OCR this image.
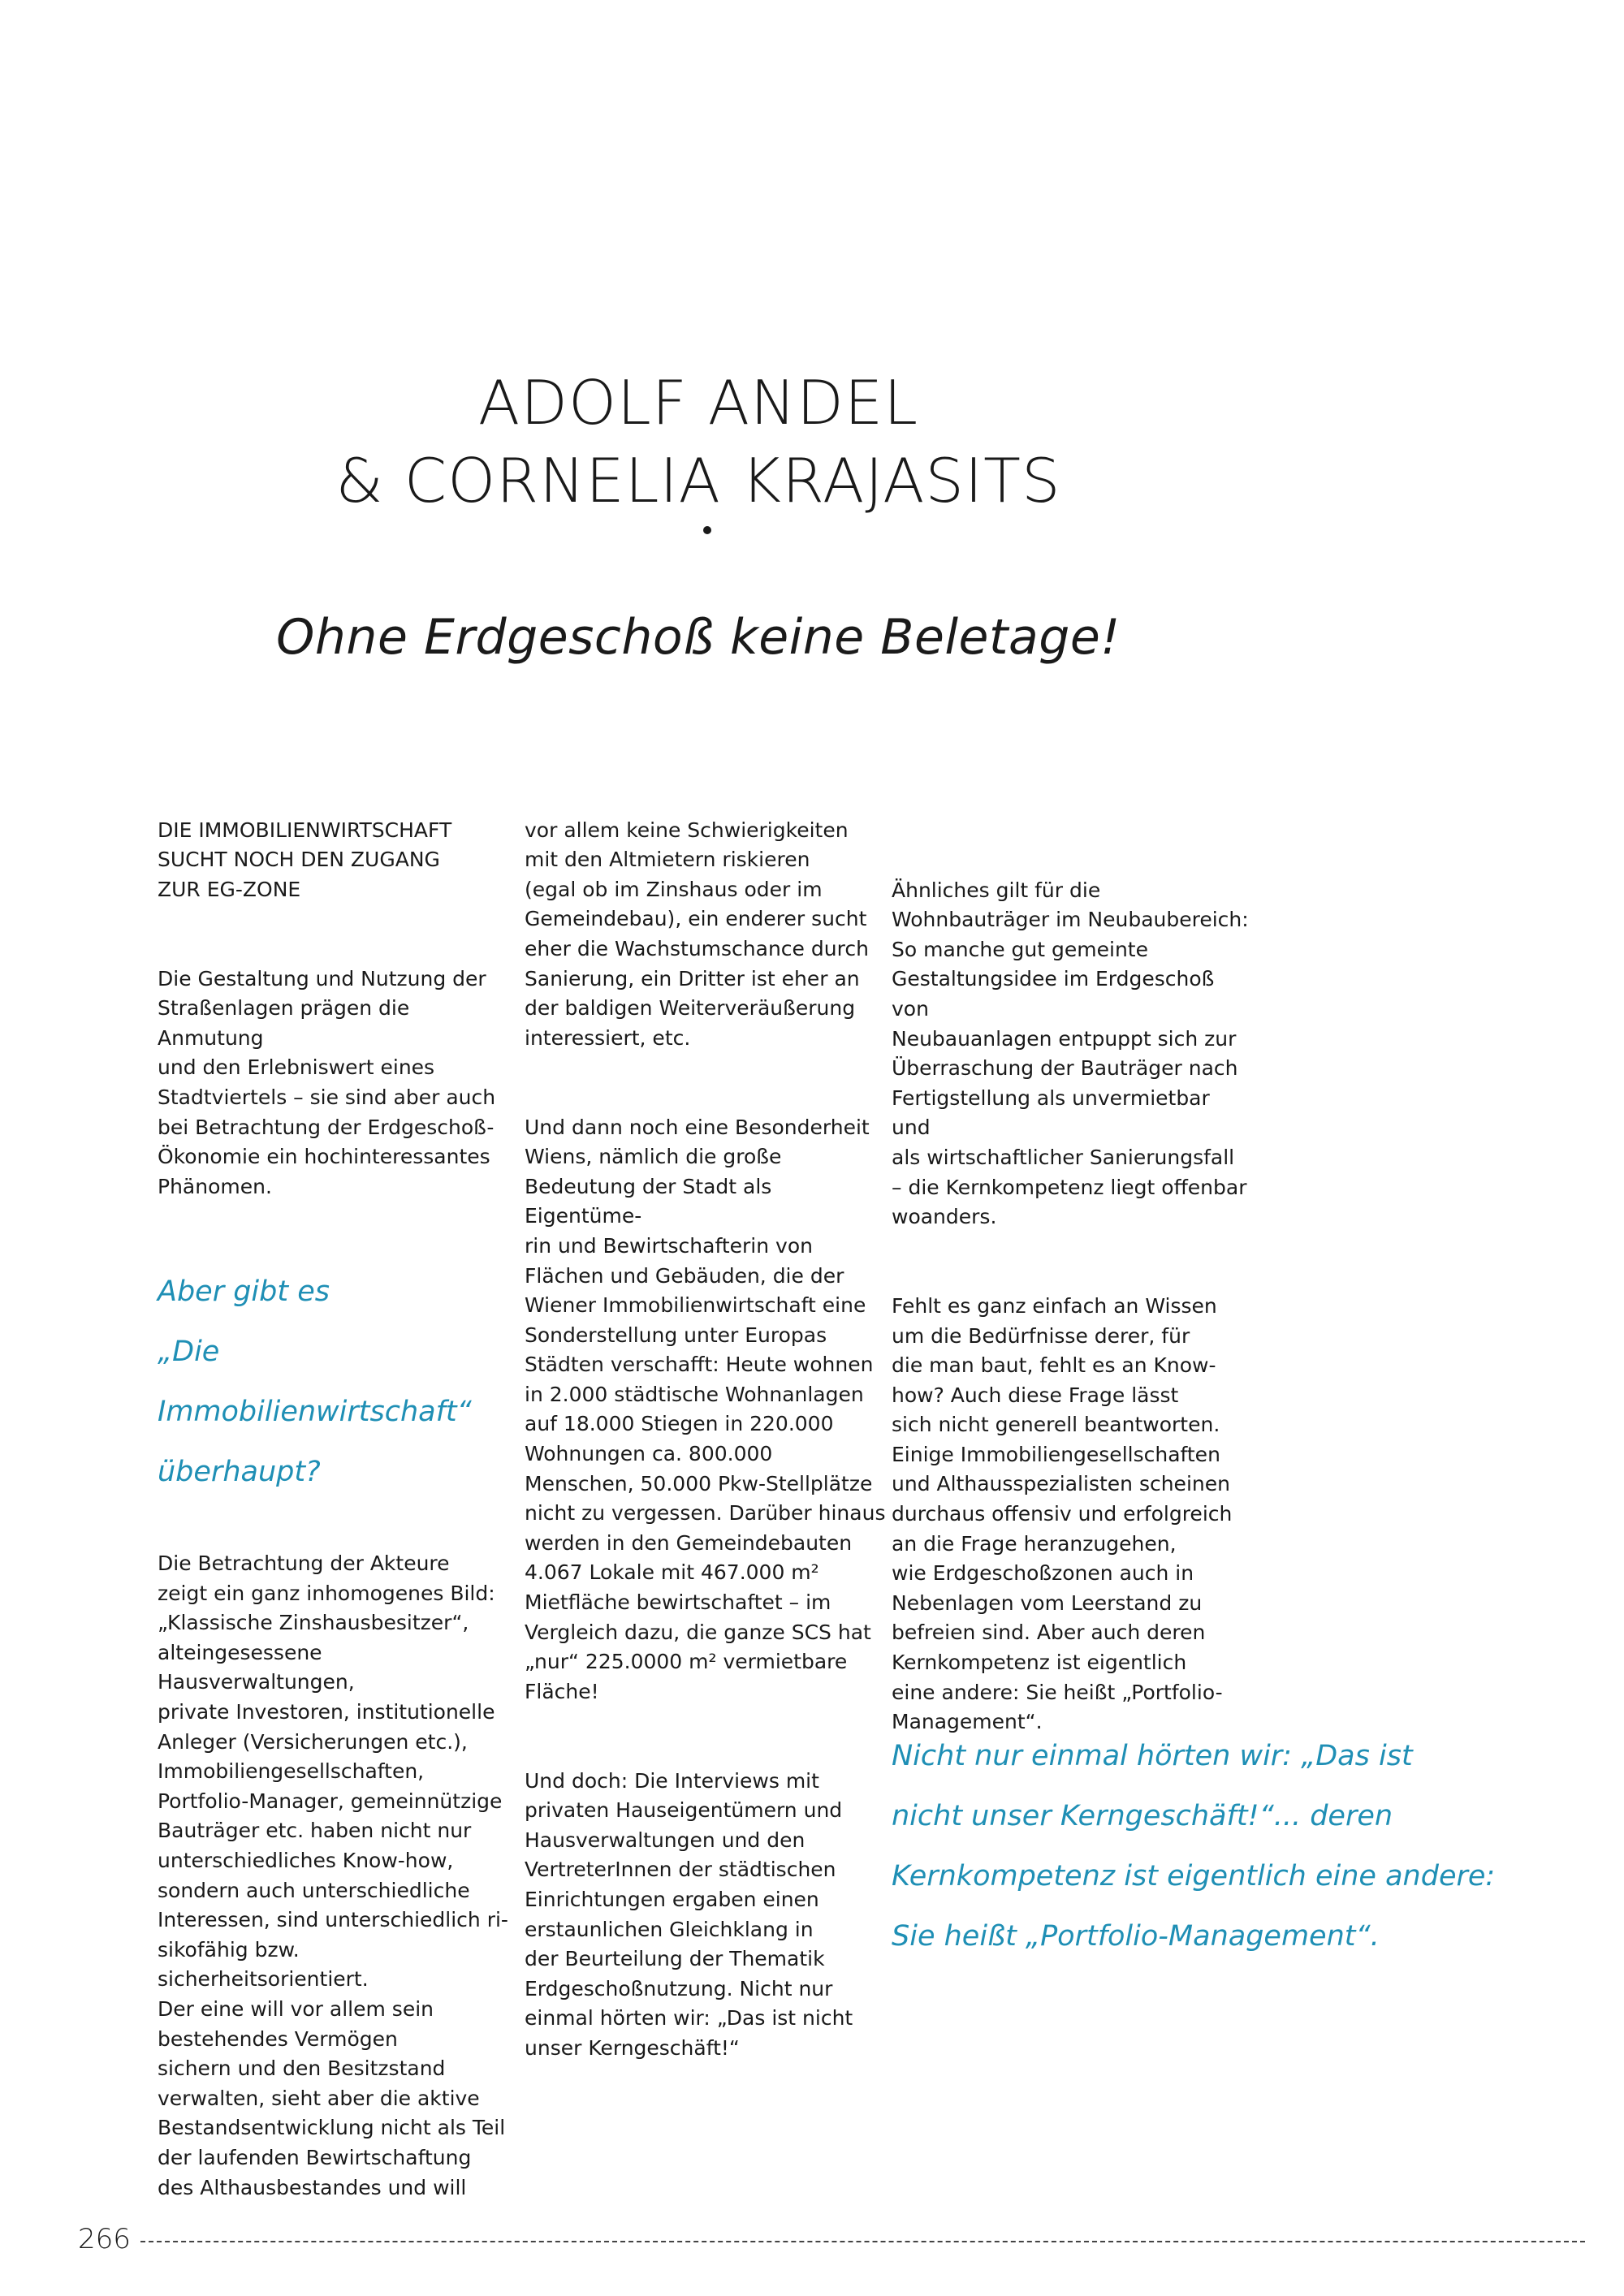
ADOLF ANDEL
& CORNELIA KRAJASITS
Ohne Erdgeschoß keine Beletage!

DIE IMMOBILIENWIRTSCHAFT
SUCHT NOCH DEN ZUGANG
ZUR EG-ZONE

Die Gestaltung und Nutzung der
Straßenlagen prägen die Anmutung
und den Erlebniswert eines
Stadtviertels – sie sind aber auch
bei Betrachtung der Erdgeschoß-
Ökonomie ein hochinteressantes
Phänomen.

Aber gibt es
„Die Immobilienwirtschaft“
überhaupt?

Die Betrachtung der Akteure
zeigt ein ganz inhomogenes Bild:
„Klassische Zinshausbesitzer“,
alteingesessene Hausverwaltungen,
private Investoren, institutionelle
Anleger (Versicherungen etc.),
Immobiliengesellschaften,
Portfolio-Manager, gemeinnützige
Bauträger etc. haben nicht nur
unterschiedliches Know-how,
sondern auch unterschiedliche
Interessen, sind unterschiedlich ri-
sikofähig bzw. sicherheitsorientiert.
Der eine will vor allem sein
bestehendes Vermögen
sichern und den Besitzstand
verwalten, sieht aber die aktive
Bestandsentwicklung nicht als Teil
der laufenden Bewirtschaftung
des Althausbestandes und will

vor allem keine Schwierigkeiten
mit den Altmietern riskieren
(egal ob im Zinshaus oder im
Gemeindebau), ein enderer sucht
eher die Wachstumschance durch
Sanierung, ein Dritter ist eher an
der baldigen Weiterveräußerung
interessiert, etc.

Und dann noch eine Besonderheit
Wiens, nämlich die große
Bedeutung der Stadt als Eigentüme-
rin und Bewirtschafterin von
Flächen und Gebäuden, die der
Wiener Immobilienwirtschaft eine
Sonderstellung unter Europas
Städten verschafft: Heute wohnen
in 2.000 städtische Wohnanlagen
auf 18.000 Stiegen in 220.000
Wohnungen ca. 800.000
Menschen, 50.000 Pkw-Stellplätze
nicht zu vergessen. Darüber hinaus
werden in den Gemeindebauten
4.067 Lokale mit 467.000 m²
Mietfläche bewirtschaftet – im
Vergleich dazu, die ganze SCS hat
„nur“ 225.0000 m² vermietbare
Fläche!

Und doch: Die Interviews mit
privaten Hauseigentümern und
Hausverwaltungen und den
VertreterInnen der städtischen
Einrichtungen ergaben einen
erstaunlichen Gleichklang in
der Beurteilung der Thematik
Erdgeschoßnutzung. Nicht nur
einmal hörten wir: „Das ist nicht
unser Kerngeschäft!“

Ähnliches gilt für die
Wohnbauträger im Neubaubereich:
So manche gut gemeinte
Gestaltungsidee im Erdgeschoß von
Neubauanlagen entpuppt sich zur
Überraschung der Bauträger nach
Fertigstellung als unvermietbar und
als wirtschaftlicher Sanierungsfall
– die Kernkompetenz liegt offenbar
woanders.

Fehlt es ganz einfach an Wissen
um die Bedürfnisse derer, für
die man baut, fehlt es an Know-
how? Auch diese Frage lässt
sich nicht generell beantworten.
Einige Immobiliengesellschaften
und Althausspezialisten scheinen
durchaus offensiv und erfolgreich
an die Frage heranzugehen,
wie Erdgeschoßzonen auch in
Nebenlagen vom Leerstand zu
befreien sind. Aber auch deren
Kernkompetenz ist eigentlich
eine andere: Sie heißt „Portfolio-
Management“.

Nicht nur einmal hörten wir: „Das ist
nicht unser Kerngeschäft!“... deren
Kernkompetenz ist eigentlich eine andere:
Sie heißt „Portfolio-Management“.
266
